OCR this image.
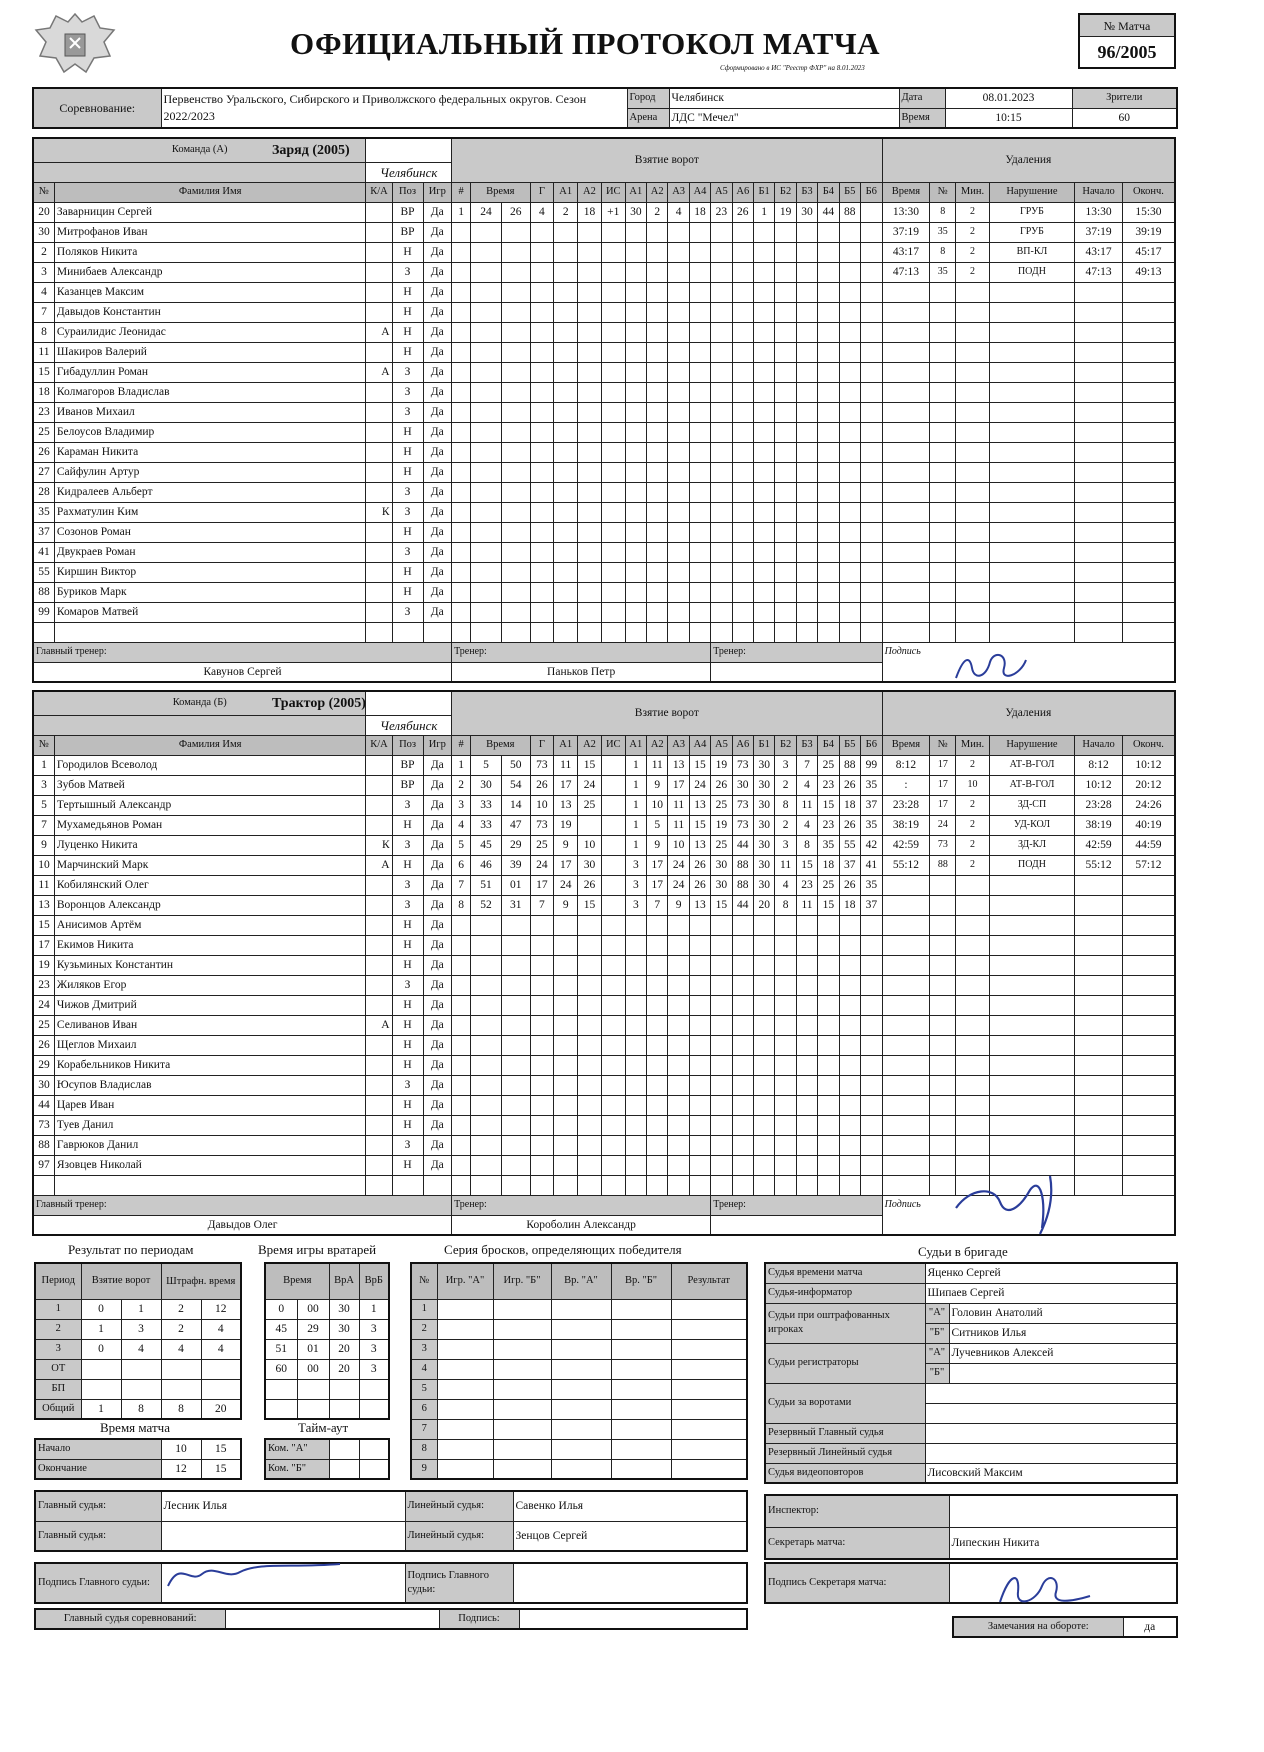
ОФИЦИАЛЬНЫЙ ПРОТОКОЛ МАТЧА
Сформировано в ИС "Реестр ФХР" на 8.01.2023
№ Матча
96/2005
Соревнование:	Первенство Уральского, Сибирского и Приволжского федеральных округов. Сезон 2022/2023	Город	Челябинск	Дата	08.01.2023	Зрители
		Арена	ЛДС "Мечел"	Время	10:15	60
Команда (А)					Взятие ворот																			Удаления					

№	Фамилия Имя	К/А	Поз	Игр	#	Время		Г	А1	А2	ИС	А1	А2	А3	А4	А5	А6	Б1	Б2	Б3	Б4	Б5	Б6	Время	№	Мин.	Нарушение	Начало	Оконч.
20	Заварницин Сергей		ВР	Да	1	24	26	4	2	18	+1	30	2	4	18	23	26	1	19	30	44	88		13:30	8	2	ГРУБ	13:30	15:30
30	Митрофанов Иван		ВР	Да																				37:19	35	2	ГРУБ	37:19	39:19
2	Поляков Никита		Н	Да																				43:17	8	2	ВП-КЛ	43:17	45:17
3	Минибаев Александр		З	Да																				47:13	35	2	ПОДН	47:13	49:13
4	Казанцев Максим		Н	Да																									
7	Давыдов Константин		Н	Да																									
8	Сураилидис Леонидас	А	Н	Да																									
11	Шакиров Валерий		Н	Да																									
15	Гибадуллин Роман	А	З	Да																									
18	Колмагоров Владислав		З	Да																									
23	Иванов Михаил		З	Да																									
25	Белоусов Владимир		Н	Да																									
26	Караман Никита		Н	Да																									
27	Сайфулин Артур		Н	Да																									
28	Кидралеев Альберт		З	Да																									
35	Рахматулин Ким	К	З	Да																									
37	Созонов Роман		Н	Да																									
41	Двукраев Роман		З	Да																									
55	Киршин Виктор		Н	Да																									
88	Буриков Марк		Н	Да																									
99	Комаров Матвей		З	Да																									

Главный тренер:					Тренер:											Тренер:								Подпись					
Кавунов Сергей					Паньков Петр																								
Заряд (2005)
Челябинск
Команда (Б)					Взятие ворот																			Удаления					

№	Фамилия Имя	К/А	Поз	Игр	#	Время		Г	А1	А2	ИС	А1	А2	А3	А4	А5	А6	Б1	Б2	Б3	Б4	Б5	Б6	Время	№	Мин.	Нарушение	Начало	Оконч.
1	Городилов Всеволод		ВР	Да	1	5	50	73	11	15		1	11	13	15	19	73	30	3	7	25	88	99	8:12	17	2	АТ-В-ГОЛ	8:12	10:12
3	Зубов Матвей		ВР	Да	2	30	54	26	17	24		1	9	17	24	26	30	30	2	4	23	26	35	:	17	10	АТ-В-ГОЛ	10:12	20:12
5	Тертышный Александр		З	Да	3	33	14	10	13	25		1	10	11	13	25	73	30	8	11	15	18	37	23:28	17	2	ЗД-СП	23:28	24:26
7	Мухамедьянов Роман		Н	Да	4	33	47	73	19			1	5	11	15	19	73	30	2	4	23	26	35	38:19	24	2	УД-КОЛ	38:19	40:19
9	Луценко Никита	К	З	Да	5	45	29	25	9	10		1	9	10	13	25	44	30	3	8	35	55	42	42:59	73	2	ЗД-КЛ	42:59	44:59
10	Марчинский Марк	А	Н	Да	6	46	39	24	17	30		3	17	24	26	30	88	30	11	15	18	37	41	55:12	88	2	ПОДН	55:12	57:12
11	Кобилянский Олег		З	Да	7	51	01	17	24	26		3	17	24	26	30	88	30	4	23	25	26	35						
13	Воронцов Александр		З	Да	8	52	31	7	9	15		3	7	9	13	15	44	20	8	11	15	18	37						
15	Анисимов Артём		Н	Да																									
17	Екимов Никита		Н	Да																									
19	Кузьминых Константин		Н	Да																									
23	Жиляков Егор		З	Да																									
24	Чижов Дмитрий		Н	Да																									
25	Селиванов Иван	А	Н	Да																									
26	Щеглов Михаил		Н	Да																									
29	Корабельников Никита		Н	Да																									
30	Юсупов Владислав		З	Да																									
44	Царев Иван		Н	Да																									
73	Туев Данил		Н	Да																									
88	Гаврюков Данил		З	Да																									
97	Язовцев Николай		Н	Да																									

Главный тренер:					Тренер:											Тренер:								Подпись					
Давыдов Олег					Коробoлин Александр																								
Трактор (2005)
Челябинск
Результат по периодам
Период	Взятие ворот		Штрафн. время	
1	0	1	2	12
2	1	3	2	4
3	0	4	4	4
ОТ				
БП				
Общий	1	8	8	20
Время игры вратарей
Время		ВрА	ВрБ
0	00	30	1
45	29	30	3
51	01	20	3
60	00	20	3

Время матча
Начало	10	15
Окончание	12	15
Тайм-аут
Ком. "А"		
Ком. "Б"		
Серия бросков, определяющих победителя
№	Игр. "А"	Игр. "Б"	Вр. "А"	Вр. "Б"	Результат
1					
2					
3					
4					
5					
6					
7					
8					
9					
Судьи в бригаде
Судья времени матча	Яценко Сергей	
Судья-информатор	Шипаев Сергей	
Судьи при оштрафованных игроках	"А"	Головин Анатолий
	"Б"	Ситников Илья
Судьи регистраторы	"А"	Лучевников Алексей
	"Б"	
Судьи за воротами		

Резервный Главный судья		
Резервный Линейный судья		
Судья видеоповторов	Лисовский Максим	
Главный судья:	Лесник Илья	Линейный судья:	Савенко Илья
Главный судья:		Линейный судья:	Зенцов Сергей
Инспектор:	
Секретарь матча:	Липескин Никита
Подпись Главного судьи:		Подпись Главного судьи:	
Подпись Секретаря матча:	
Главный судья соревнований:		Подпись:	
Замечания на обороте:	да
